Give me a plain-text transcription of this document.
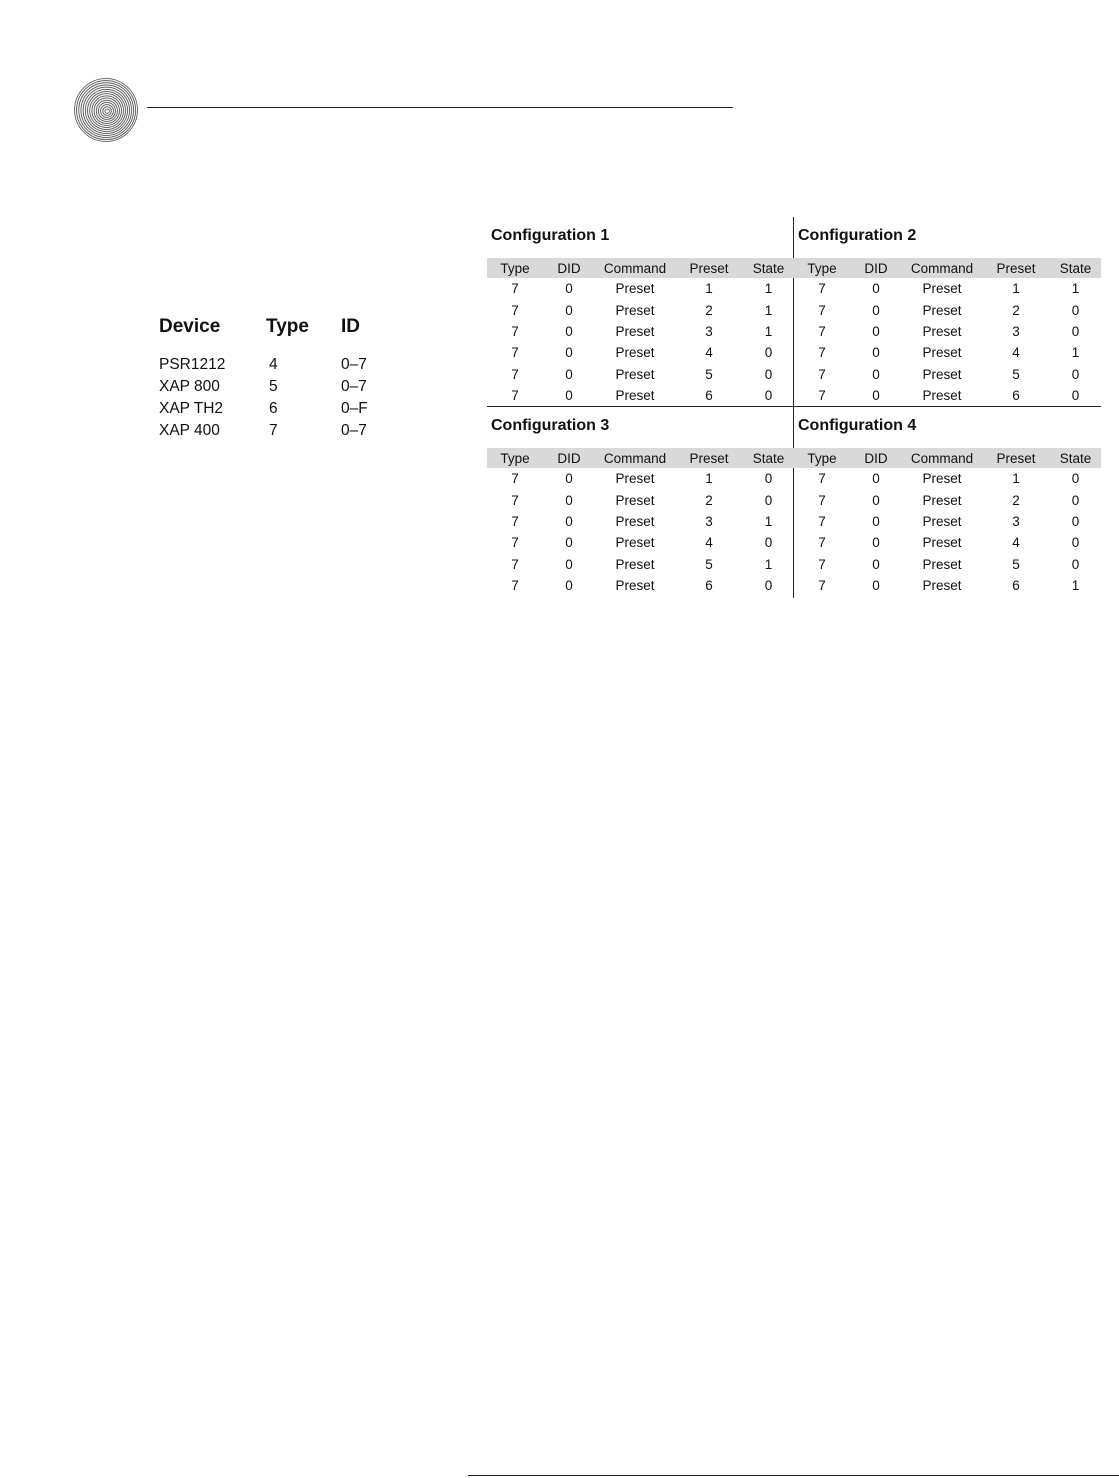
Device Type ID
PSR1212	4	0–7
XAP 800	5	0–7
XAP TH2	6	0–F
XAP 400	7	0–7
Configuration 1
Type	DID	Command	Preset	State
7	0	Preset	1	1
7	0	Preset	2	1
7	0	Preset	3	1
7	0	Preset	4	0
7	0	Preset	5	0
7	0	Preset	6	0
Configuration 2
Type	DID	Command	Preset	State
7	0	Preset	1	1
7	0	Preset	2	0
7	0	Preset	3	0
7	0	Preset	4	1
7	0	Preset	5	0
7	0	Preset	6	0
Configuration 3
Type	DID	Command	Preset	State
7	0	Preset	1	0
7	0	Preset	2	0
7	0	Preset	3	1
7	0	Preset	4	0
7	0	Preset	5	1
7	0	Preset	6	0
Configuration 4
Type	DID	Command	Preset	State
7	0	Preset	1	0
7	0	Preset	2	0
7	0	Preset	3	0
7	0	Preset	4	0
7	0	Preset	5	0
7	0	Preset	6	1
